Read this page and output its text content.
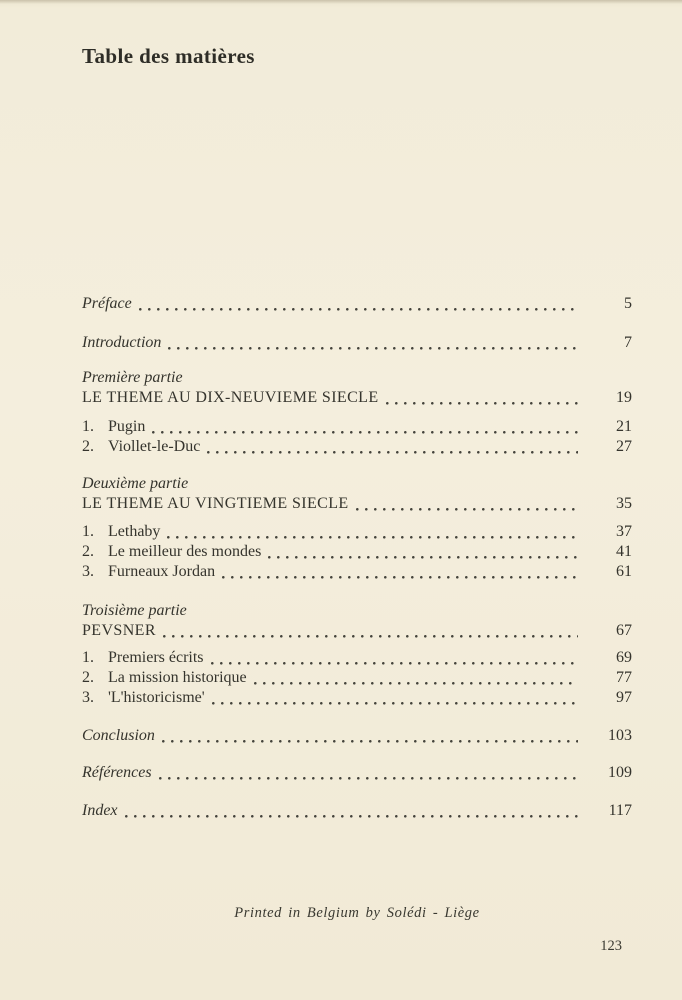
Table des matières
Préface	5
Introduction	7
Première partie
LE THEME AU DIX-NEUVIEME SIECLE	19
1. Pugin	21
2. Viollet-le-Duc	27
Deuxième partie
LE THEME AU VINGTIEME SIECLE	35
1. Lethaby	37
2. Le meilleur des mondes	41
3. Furneaux Jordan	61
Troisième partie
PEVSNER	67
1. Premiers écrits	69
2. La mission historique	77
3. 'L'historicisme'	97
Conclusion	103
Références	109
Index	117
Printed in Belgium by Solédi - Liège
123
